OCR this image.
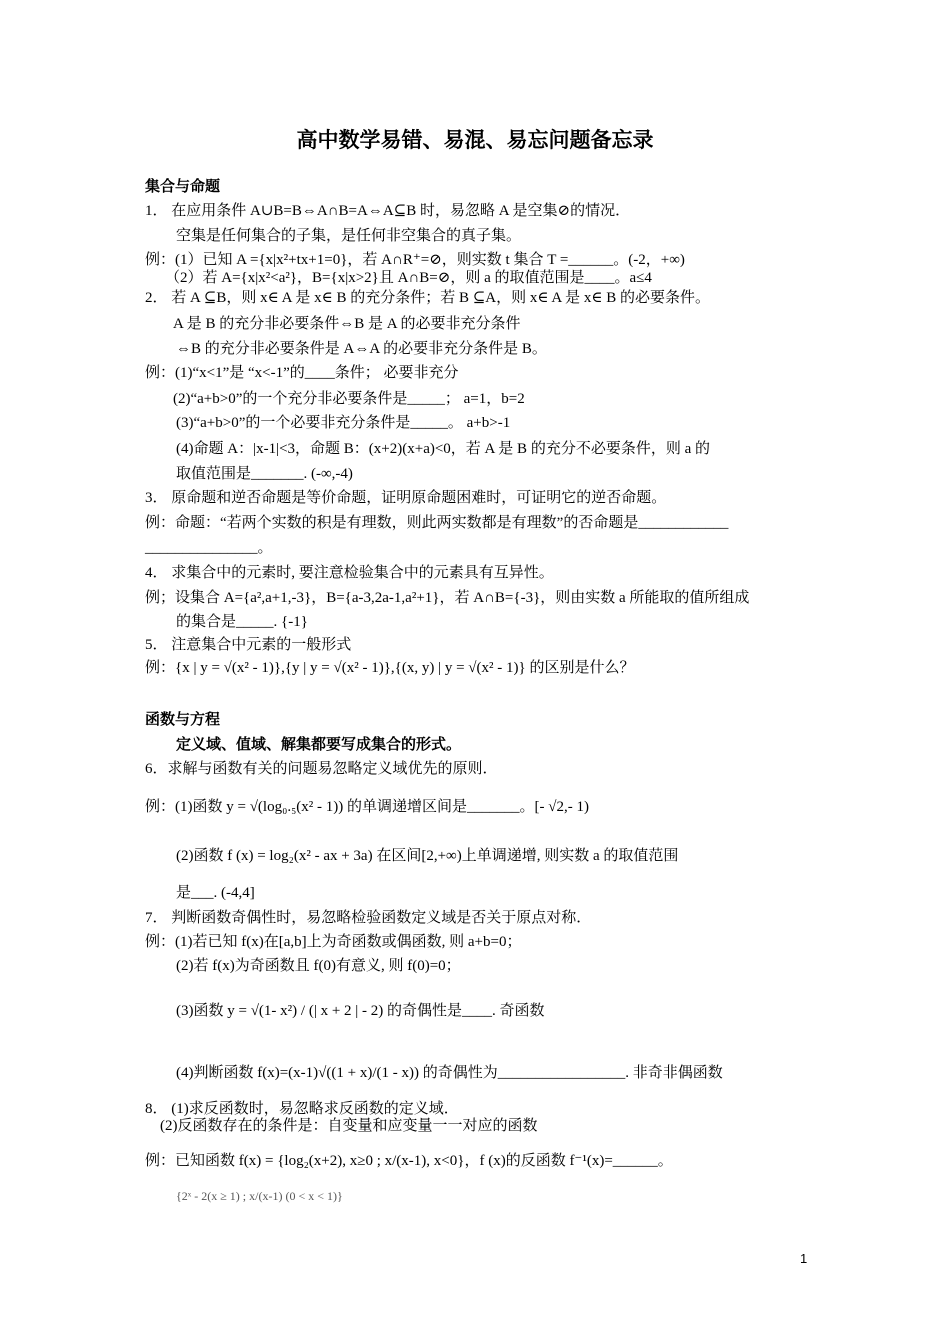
高中数学易错、易混、易忘问题备忘录
集合与命题
1． 在应用条件 A∪B=B⇔A∩B=A⇔A⊆B 时，易忽略 A 是空集⊘的情况．
空集是任何集合的子集，是任何非空集合的真子集。
例：(1）已知 A ={x|x²+tx+1=0}，若 A∩R⁺=⊘，则实数 t 集合 T =______。(-2，+∞)
（2）若 A={x|x²<a²}，B={x|x>2}且 A∩B=⊘，则 a 的取值范围是____。a≤4
2． 若 A ⊆B，则 x∈ A 是 x∈ B 的充分条件；若 B ⊆A，则 x∈ A 是 x∈ B 的必要条件。
A 是 B 的充分非必要条件⇔B 是 A 的必要非充分条件
⇔B 的充分非必要条件是 A⇔A 的必要非充分条件是 B。
例：(1)“x<1”是 “x<-1”的____条件； 必要非充分
(2)“a+b>0”的一个充分非必要条件是_____； a=1，b=2
(3)“a+b>0”的一个必要非充分条件是_____。 a+b>-1
(4)命题 A：|x-1|<3，命题 B：(x+2)(x+a)<0，若 A 是 B 的充分不必要条件，则 a 的
取值范围是_______. (-∞,-4)
3． 原命题和逆否命题是等价命题，证明原命题困难时，可证明它的逆否命题。
例：命题：“若两个实数的积是有理数，则此两实数都是有理数”的否命题是____________
_______________。
4． 求集合中的元素时, 要注意检验集合中的元素具有互异性。
例；设集合 A={a²,a+1,-3}，B={a-3,2a-1,a²+1}，若 A∩B={-3}，则由实数 a 所能取的值所组成
的集合是_____. {-1}
5． 注意集合中元素的一般形式
例：{x | y = √(x² - 1)},{y | y = √(x² - 1)},{(x, y) | y = √(x² - 1)} 的区别是什么？
函数与方程
定义域、值域、解集都要写成集合的形式。
6．求解与函数有关的问题易忽略定义域优先的原则．
例：(1)函数 y = √(log₀.₅(x² - 1)) 的单调递增区间是_______。[- √2,- 1)
(2)函数 f (x) = log₂(x² - ax + 3a) 在区间[2,+∞)上单调递增, 则实数 a 的取值范围
是___. (-4,4]
7． 判断函数奇偶性时，易忽略检验函数定义域是否关于原点对称．
例：(1)若已知 f(x)在[a,b]上为奇函数或偶函数, 则 a+b=0；
(2)若 f(x)为奇函数且 f(0)有意义, 则 f(0)=0；
(3)函数 y = √(1- x²) / (| x + 2 | - 2) 的奇偶性是____. 奇函数
(4)判断函数 f(x)=(x-1)√((1 + x)/(1 - x)) 的奇偶性为_________________. 非奇非偶函数
8． (1)求反函数时，易忽略求反函数的定义域．
(2)反函数存在的条件是：自变量和应变量一一对应的函数
例：已知函数 f(x) = {log₂(x+2), x≥0 ; x/(x-1), x<0}，f (x)的反函数 f⁻¹(x)=______。
{2ˣ - 2(x ≥ 1) ; x/(x-1) (0 < x < 1)}
1
